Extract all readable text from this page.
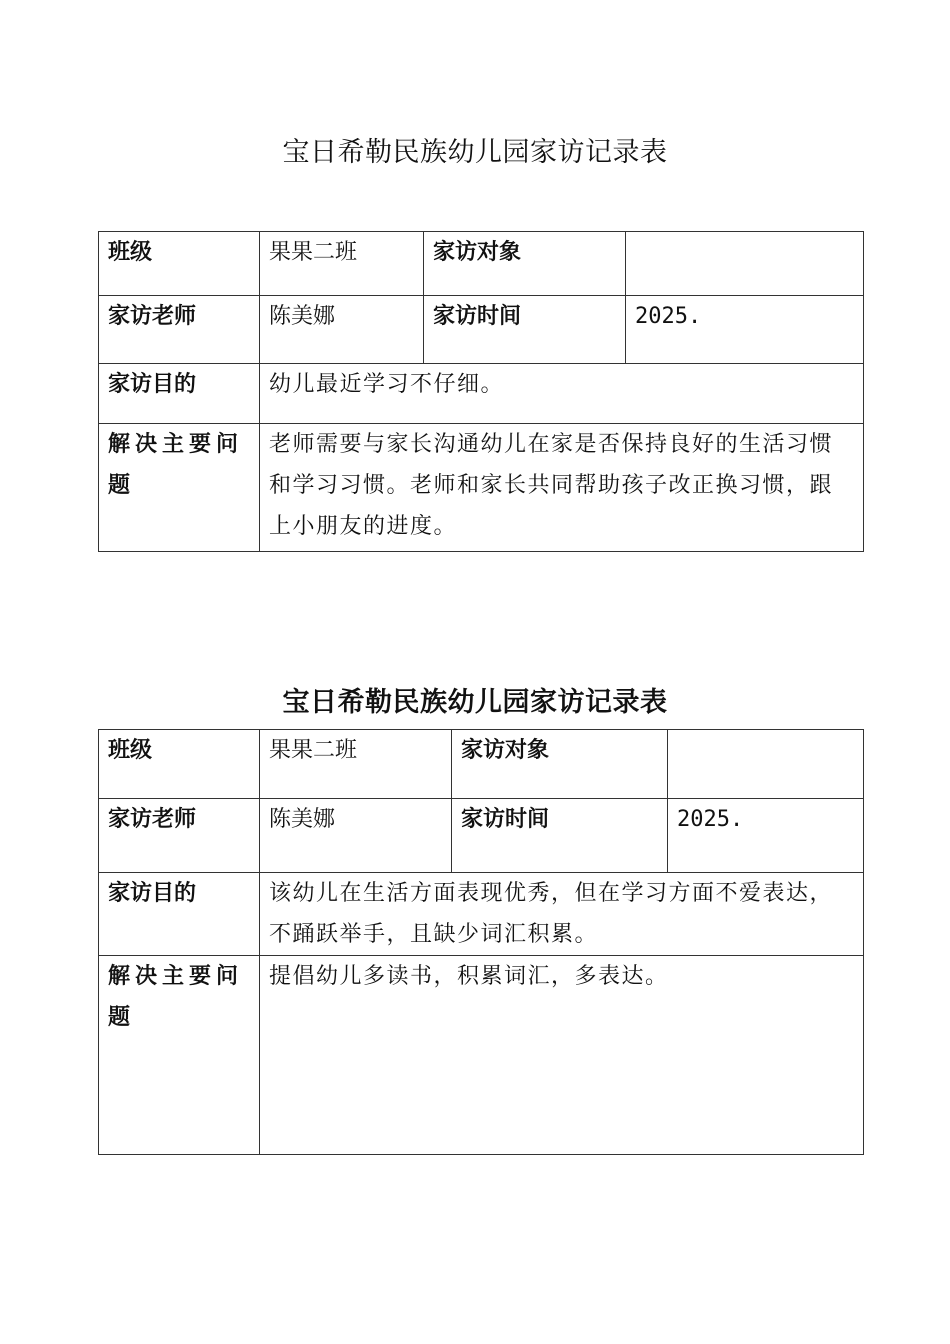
宝日希勒民族幼儿园家访记录表
班级	果果二班	家访对象	
家访老师	陈美娜	家访时间	2025.
家访目的	幼儿最近学习不仔细。		
解决主要问题	老师需要与家长沟通幼儿在家是否保持良好的生活习惯和学习习惯。老师和家长共同帮助孩子改正换习惯，跟上小朋友的进度。		
宝日希勒民族幼儿园家访记录表
班级	果果二班	家访对象	
家访老师	陈美娜	家访时间	2025.
家访目的	该幼儿在生活方面表现优秀，但在学习方面不爱表达，不踊跃举手，且缺少词汇积累。		
解决主要问题	提倡幼儿多读书，积累词汇，多表达。		
